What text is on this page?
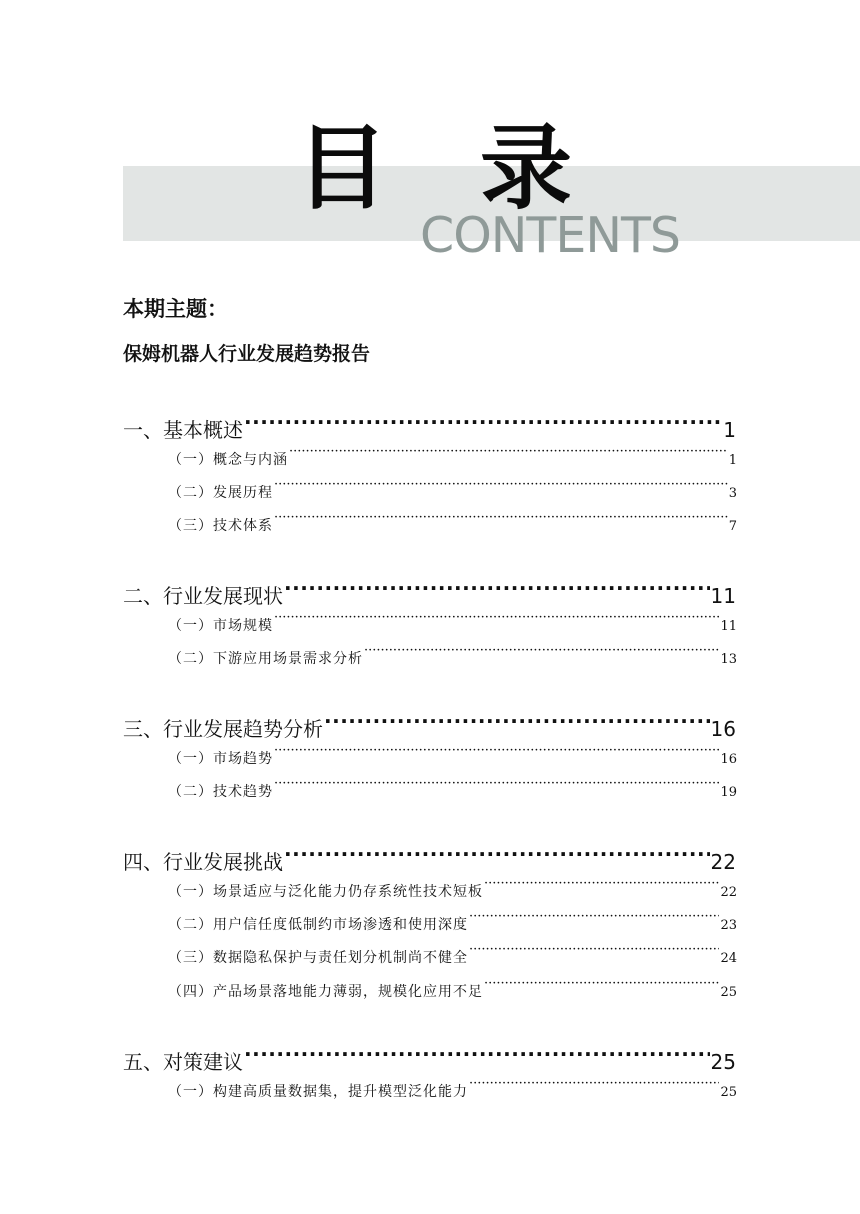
目 录
CONTENTS
本期主题：
保姆机器人行业发展趋势报告
一、基本概述 ·····	1
（一）概念与内涵 ·····	1
（二）发展历程 ·····	3
（三）技术体系 ·····	7
二、行业发展现状 ·····	11
（一）市场规模 ·····	11
（二）下游应用场景需求分析 ·····	13
三、行业发展趋势分析 ·····	16
（一）市场趋势 ·····	16
（二）技术趋势 ·····	19
四、行业发展挑战 ·····	22
（一）场景适应与泛化能力仍存系统性技术短板 ·····	22
（二）用户信任度低制约市场渗透和使用深度 ·····	23
（三）数据隐私保护与责任划分机制尚不健全 ·····	24
（四）产品场景落地能力薄弱，规模化应用不足 ·····	25
五、对策建议 ·····	25
（一）构建高质量数据集，提升模型泛化能力 ·····	25
